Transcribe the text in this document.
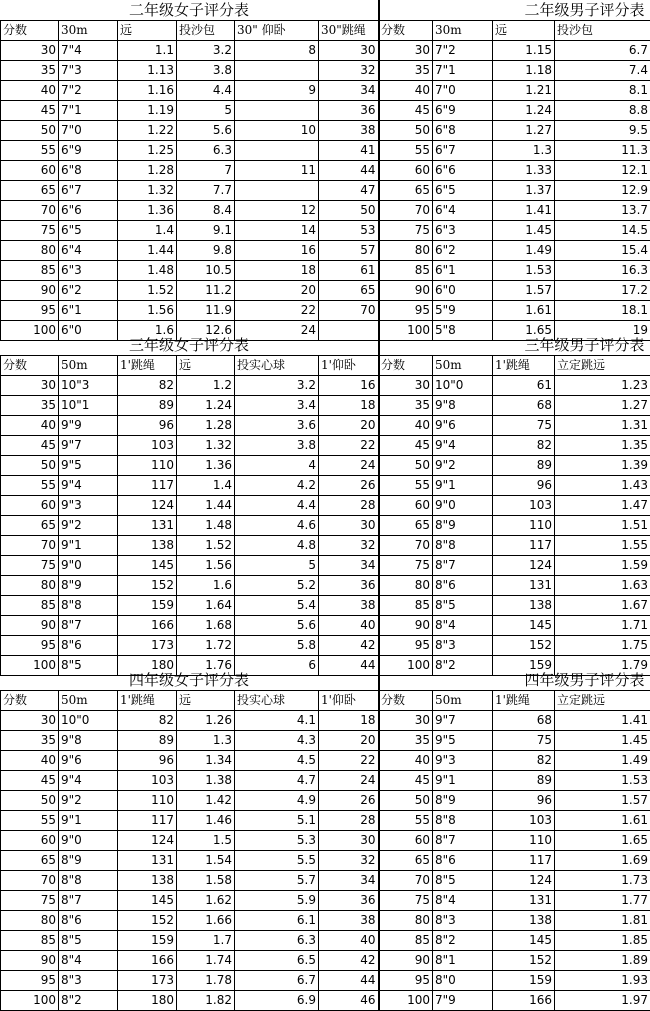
二年级女子评分表					
分数	30m	远	投沙包	30" 仰卧	30"跳绳
30	7"4	1.1	3.2	8	30
35	7"3	1.13	3.8		32
40	7"2	1.16	4.4	9	34
45	7"1	1.19	5		36
50	7"0	1.22	5.6	10	38
55	6"9	1.25	6.3		41
60	6"8	1.28	7	11	44
65	6"7	1.32	7.7		47
70	6"6	1.36	8.4	12	50
75	6"5	1.4	9.1	14	53
80	6"4	1.44	9.8	16	57
85	6"3	1.48	10.5	18	61
90	6"2	1.52	11.2	20	65
95	6"1	1.56	11.9	22	70
100	6"0	1.6	12.6	24	
三年级女子评分表					
分数	50m	1'跳绳	远	投实心球	1'仰卧
30	10"3	82	1.2	3.2	16
35	10"1	89	1.24	3.4	18
40	9"9	96	1.28	3.6	20
45	9"7	103	1.32	3.8	22
50	9"5	110	1.36	4	24
55	9"4	117	1.4	4.2	26
60	9"3	124	1.44	4.4	28
65	9"2	131	1.48	4.6	30
70	9"1	138	1.52	4.8	32
75	9"0	145	1.56	5	34
80	8"9	152	1.6	5.2	36
85	8"8	159	1.64	5.4	38
90	8"7	166	1.68	5.6	40
95	8"6	173	1.72	5.8	42
100	8"5	180	1.76	6	44
四年级女子评分表					
分数	50m	1'跳绳	远	投实心球	1'仰卧
30	10"0	82	1.26	4.1	18
35	9"8	89	1.3	4.3	20
40	9"6	96	1.34	4.5	22
45	9"4	103	1.38	4.7	24
50	9"2	110	1.42	4.9	26
55	9"1	117	1.46	5.1	28
60	9"0	124	1.5	5.3	30
65	8"9	131	1.54	5.5	32
70	8"8	138	1.58	5.7	34
75	8"7	145	1.62	5.9	36
80	8"6	152	1.66	6.1	38
85	8"5	159	1.7	6.3	40
90	8"4	166	1.74	6.5	42
95	8"3	173	1.78	6.7	44
100	8"2	180	1.82	6.9	46
二年级男子评分表			
分数	30m	远	投沙包
30	7"2	1.15	6.7
35	7"1	1.18	7.4
40	7"0	1.21	8.1
45	6"9	1.24	8.8
50	6"8	1.27	9.5
55	6"7	1.3	11.3
60	6"6	1.33	12.1
65	6"5	1.37	12.9
70	6"4	1.41	13.7
75	6"3	1.45	14.5
80	6"2	1.49	15.4
85	6"1	1.53	16.3
90	6"0	1.57	17.2
95	5"9	1.61	18.1
100	5"8	1.65	19
三年级男子评分表			
分数	50m	1'跳绳	立定跳远
30	10"0	61	1.23
35	9"8	68	1.27
40	9"6	75	1.31
45	9"4	82	1.35
50	9"2	89	1.39
55	9"1	96	1.43
60	9"0	103	1.47
65	8"9	110	1.51
70	8"8	117	1.55
75	8"7	124	1.59
80	8"6	131	1.63
85	8"5	138	1.67
90	8"4	145	1.71
95	8"3	152	1.75
100	8"2	159	1.79
四年级男子评分表			
分数	50m	1'跳绳	立定跳远
30	9"7	68	1.41
35	9"5	75	1.45
40	9"3	82	1.49
45	9"1	89	1.53
50	8"9	96	1.57
55	8"8	103	1.61
60	8"7	110	1.65
65	8"6	117	1.69
70	8"5	124	1.73
75	8"4	131	1.77
80	8"3	138	1.81
85	8"2	145	1.85
90	8"1	152	1.89
95	8"0	159	1.93
100	7"9	166	1.97
